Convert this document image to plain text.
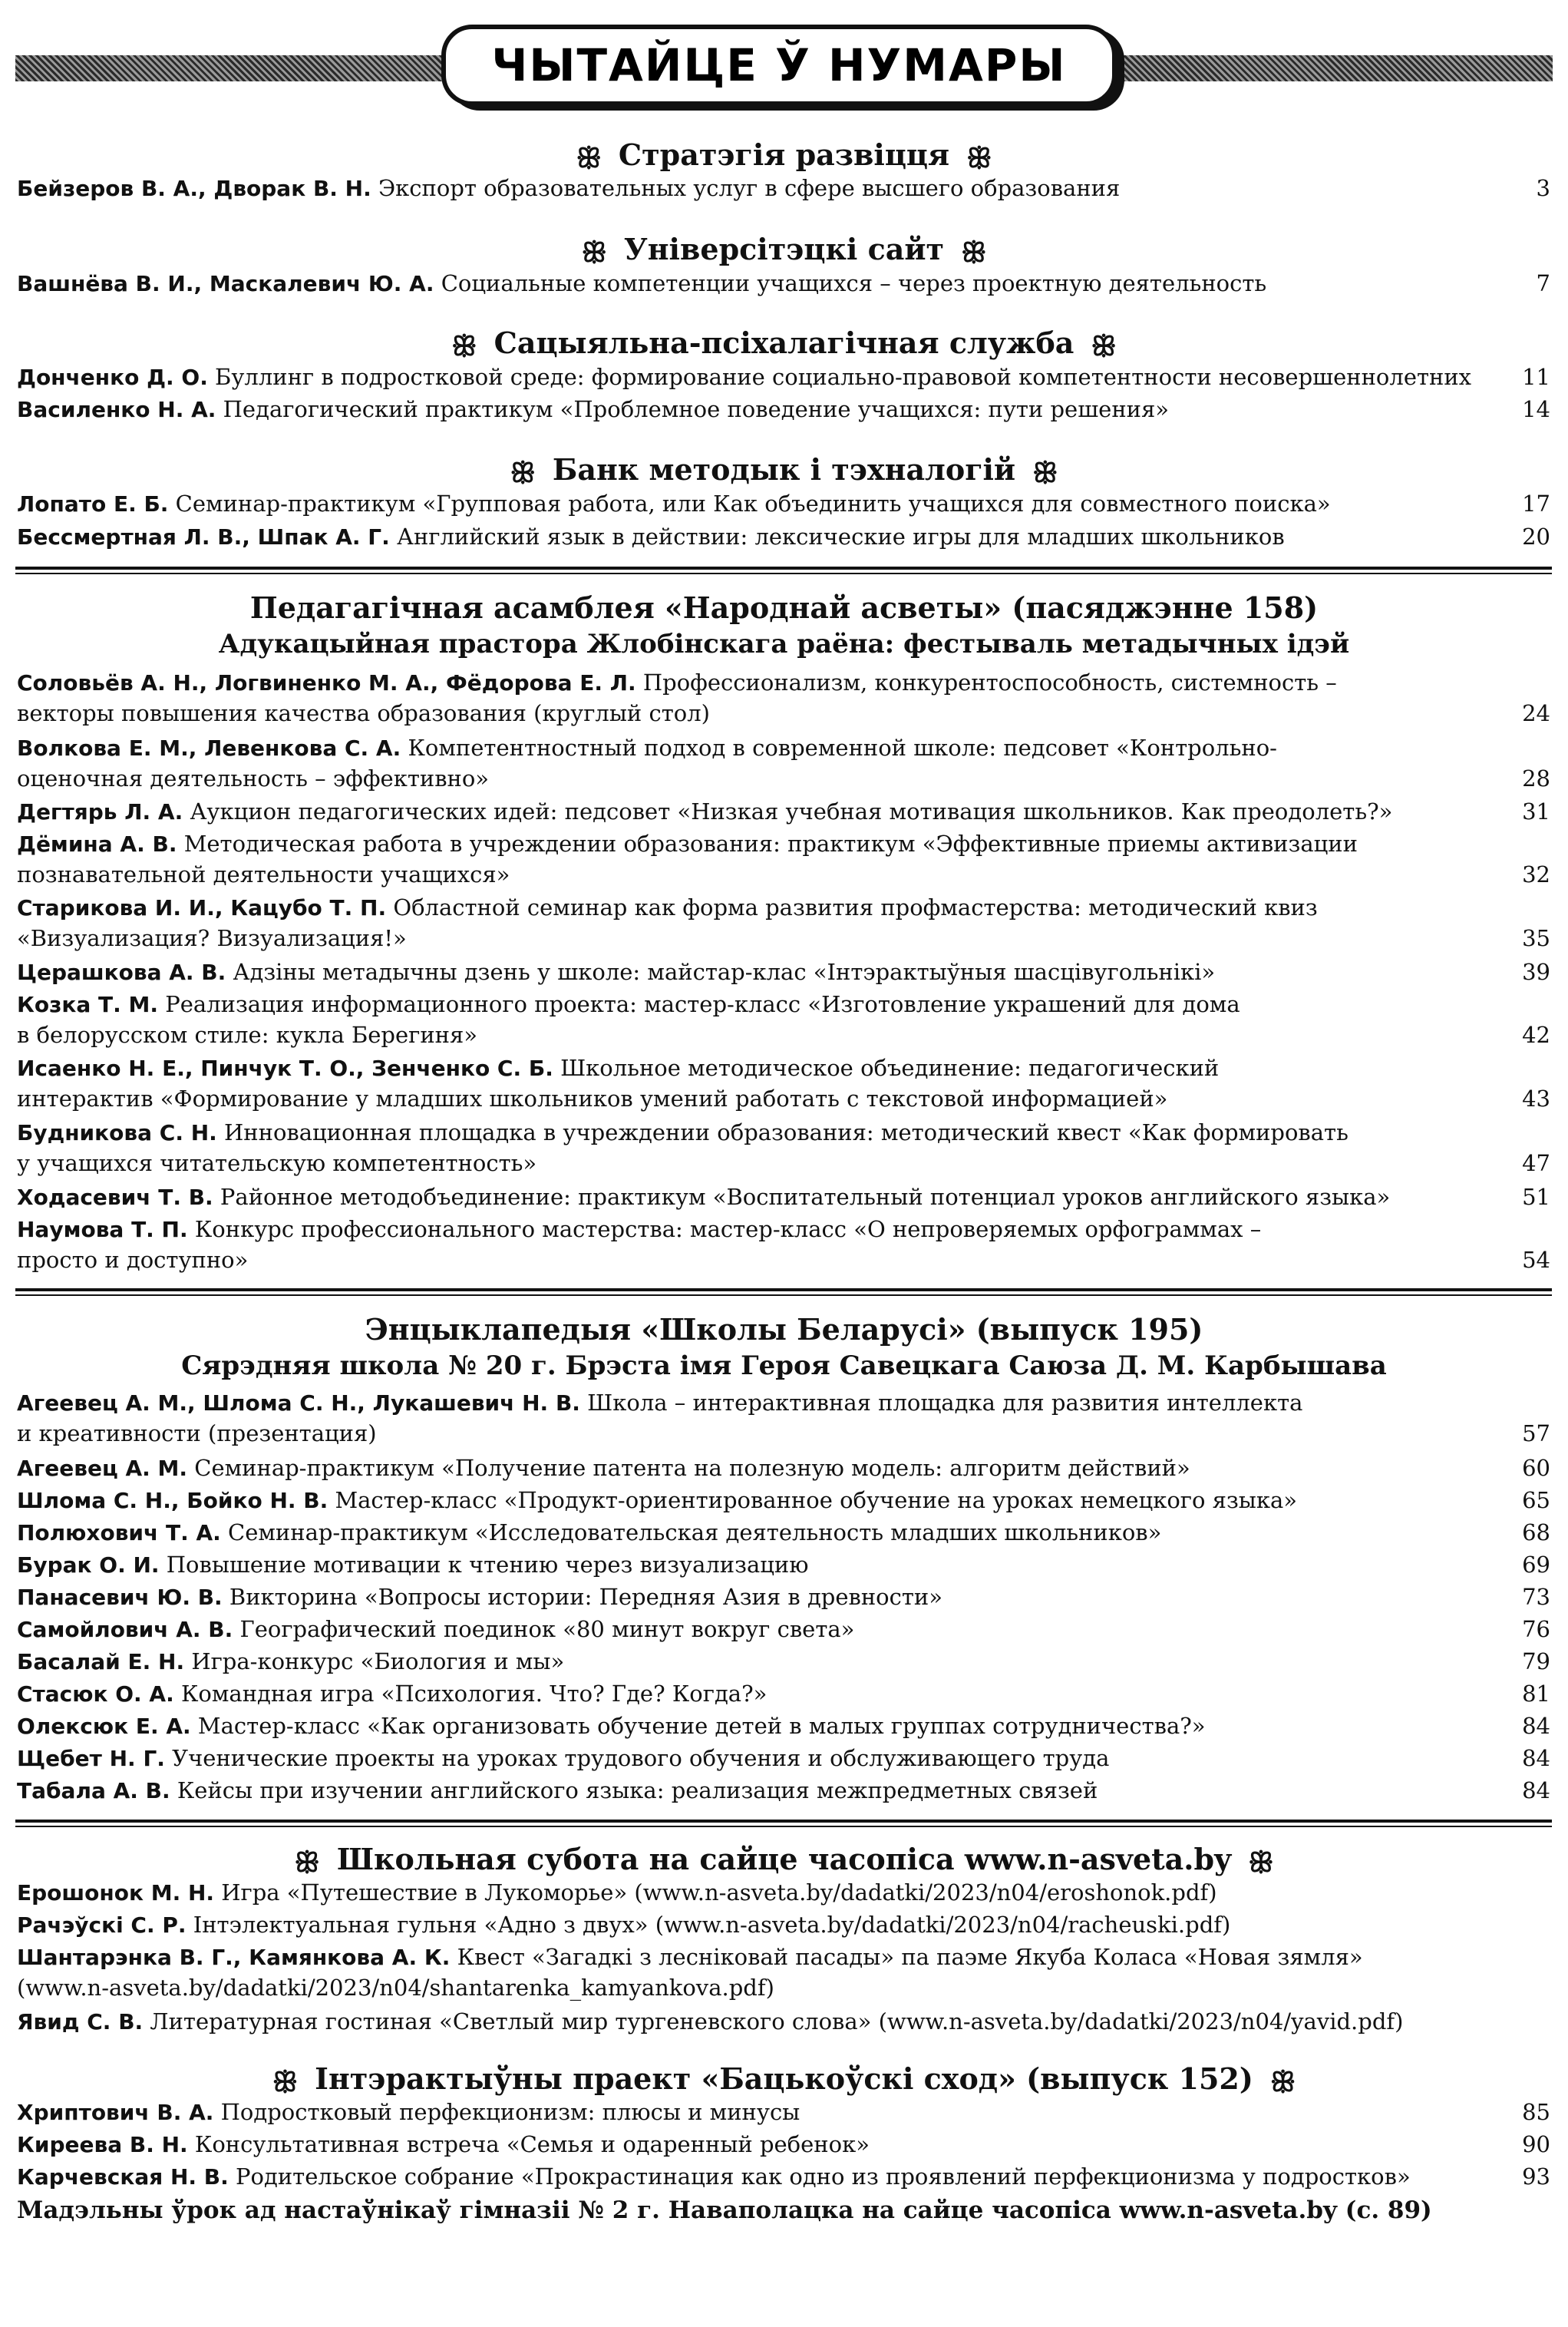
ЧЫТАЙЦЕ Ў НУМАРЫ
ꕥ Стратэгія развіцця ꕥ
Бейзеров В. А., Дворак В. Н.
Экспорт образовательных услуг в сфере высшего образования	3
ꕥ Універсітэцкі сайт ꕥ
Вашнёва В. И., Маскалевич Ю. А.
Социальные компетенции учащихся – через проектную деятельность	7
ꕥ Сацыяльна-псіхалагічная служба ꕥ
Донченко Д. О.
Буллинг в подростковой среде: формирование социально-правовой компетентности несовершеннолетних	11
Василенко Н. А.
Педагогический практикум «Проблемное поведение учащихся: пути решения»	14
ꕥ Банк методык і тэхналогій ꕥ
Лопато Е. Б.
Семинар-практикум «Групповая работа, или Как объединить учащихся для совместного поиска»	17
Бессмертная Л. В., Шпак А. Г.
Английский язык в действии: лексические игры для младших школьников	20
Педагагічная асамблея «Народнай асветы» (пасяджэнне 158)
Адукацыйная прастора Жлобінскага раёна: фестываль метадычных ідэй
Соловьёв А. Н., Логвиненко М. А., Фёдорова Е. Л.
Профессионализм, конкурентоспособность, системность –
векторы повышения качества образования (круглый стол)	24
Волкова Е. М., Левенкова С. А.
Компетентностный подход в современной школе: педсовет «Контрольно-
оценочная деятельность – эффективно»	28
Дегтярь Л. А.
Аукцион педагогических идей: педсовет «Низкая учебная мотивация школьников. Как преодолеть?»	31
Дёмина А. В.
Методическая работа в учреждении образования: практикум «Эффективные приемы активизации
познавательной деятельности учащихся»	32
Старикова И. И., Кацубо Т. П.
Областной семинар как форма развития профмастерства: методический квиз
«Визуализация? Визуализация!»	35
Церашкова А. В.
Адзіны метадычны дзень у школе: майстар-клас «Інтэрактыўныя шасцівугольнікі»	39
Козка Т. М.
Реализация информационного проекта: мастер-класс «Изготовление украшений для дома
в белорусском стиле: кукла Берегиня»	42
Исаенко Н. Е., Пинчук Т. О., Зенченко С. Б.
Школьное методическое объединение: педагогический
интерактив «Формирование у младших школьников умений работать с текстовой информацией»	43
Будникова С. Н.
Инновационная площадка в учреждении образования: методический квест «Как формировать
у учащихся читательскую компетентность»	47
Ходасевич Т. В.
Районное методобъединение: практикум «Воспитательный потенциал уроков английского языка»	51
Наумова Т. П.
Конкурс профессионального мастерства: мастер-класс «О непроверяемых орфограммах –
просто и доступно»	54
Энцыклапедыя «Школы Беларусі» (выпуск 195)
Сярэдняя школа № 20 г. Брэста імя Героя Савецкага Саюза Д. М. Карбышава
Агеевец А. М., Шлома С. Н., Лукашевич Н. В.
Школа – интерактивная площадка для развития интеллекта
и креативности (презентация)	57
Агеевец А. М.
Семинар-практикум «Получение патента на полезную модель: алгоритм действий»	60
Шлома С. Н., Бойко Н. В.
Мастер-класс «Продукт-ориентированное обучение на уроках немецкого языка»	65
Полюхович Т. А.
Семинар-практикум «Исследовательская деятельность младших школьников»	68
Бурак О. И.
Повышение мотивации к чтению через визуализацию	69
Панасевич Ю. В.
Викторина «Вопросы истории: Передняя Азия в древности»	73
Самойлович А. В.
Географический поединок «80 минут вокруг света»	76
Басалай Е. Н.
Игра-конкурс «Биология и мы»	79
Стасюк О. А.
Командная игра «Психология. Что? Где? Когда?»	81
Олексюк Е. А.
Мастер-класс «Как организовать обучение детей в малых группах сотрудничества?»	84
Щебет Н. Г.
Ученические проекты на уроках трудового обучения и обслуживающего труда	84
Табала А. В.
Кейсы при изучении английского языка: реализация межпредметных связей	84
ꕥ Школьная субота на сайце часопіса www.n-asveta.by ꕥ
Ерошонок М. Н.
Игра «Путешествие в Лукоморье» (www.n-asveta.by/dadatki/2023/n04/eroshonok.pdf)
Рачэўскі С. Р.
Інтэлектуальная гульня «Адно з двух» (www.n-asveta.by/dadatki/2023/n04/racheuski.pdf)
Шантарэнка В. Г., Камянкова А. К.
Квест «Загадкі з лесніковай пасады» па паэме Якуба Коласа «Новая зямля»
(www.n-asveta.by/dadatki/2023/n04/shantarenka_kamyankova.pdf)
Явид С. В.
Литературная гостиная «Светлый мир тургеневского слова» (www.n-asveta.by/dadatki/2023/n04/yavid.pdf)
ꕥ Інтэрактыўны праект «Бацькоўскі сход» (выпуск 152) ꕥ
Хриптович В. А.
Подростковый перфекционизм: плюсы и минусы	85
Киреева В. Н.
Консультативная встреча «Семья и одаренный ребенок»	90
Карчевская Н. В.
Родительское собрание «Прокрастинация как одно из проявлений перфекционизма у подростков»	93
Мадэльны ўрок ад настаўнікаў гімназіі № 2 г. Наваполацка на сайце часопіса www.n-asveta.by (с. 89)
